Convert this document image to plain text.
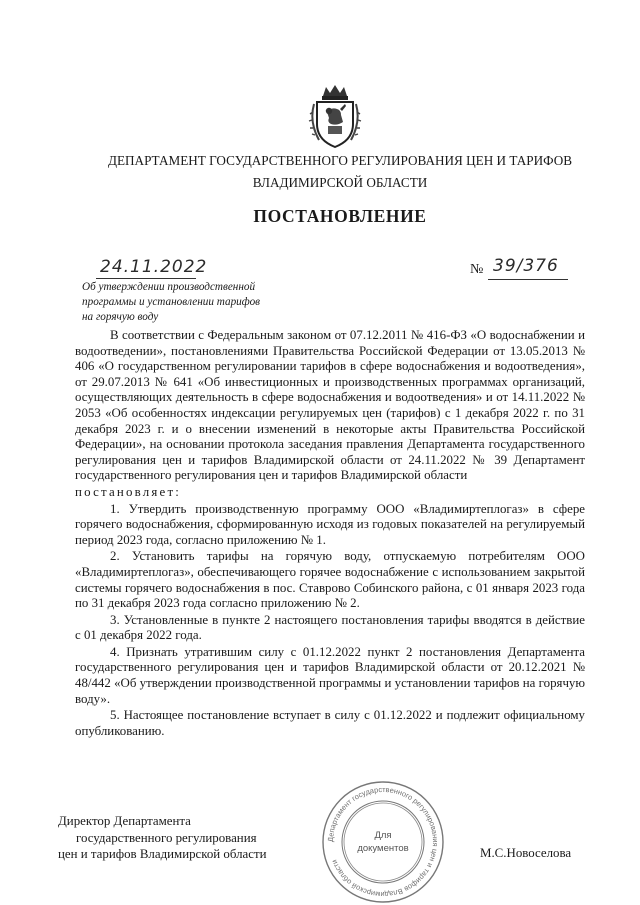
ДЕПАРТАМЕНТ ГОСУДАРСТВЕННОГО РЕГУЛИРОВАНИЯ ЦЕН И ТАРИФОВ
ВЛАДИМИРСКОЙ ОБЛАСТИ
ПОСТАНОВЛЕНИЕ
24.11.2022	№ 39/376
Об утверждении производственной
программы и установлении тарифов
на горячую воду

В соответствии с Федеральным законом от 07.12.2011 № 416-ФЗ «О водоснабжении и водоотведении», постановлениями Правительства Российской Федерации от 13.05.2013 № 406 «О государственном регулировании тарифов в сфере водоснабжения и водоотведения», от 29.07.2013 № 641 «Об инвестиционных и производственных программах организаций, осуществляющих деятельность в сфере водоснабжения и водоотведения» и от 14.11.2022 № 2053 «Об особенностях индексации регулируемых цен (тарифов) с 1 декабря 2022 г. по 31 декабря 2023 г. и о внесении изменений в некоторые акты Правительства Российской Федерации», на основании протокола заседания правления Департамента государственного регулирования цен и тарифов Владимирской области от 24.11.2022 № 39 Департамент государственного регулирования цен и тарифов Владимирской области

постановляет:

1. Утвердить производственную программу ООО «Владимиртеплогаз» в сфере горячего водоснабжения, сформированную исходя из годовых показателей на регулируемый период 2023 года, согласно приложению № 1.

2. Установить тарифы на горячую воду, отпускаемую потребителям ООО «Владимиртеплогаз», обеспечивающего горячее водоснабжение с использованием закрытой системы горячего водоснабжения в пос. Ставрово Собинского района, с 01 января 2023 года по 31 декабря 2023 года согласно приложению № 2.

3. Установленные в пункте 2 настоящего постановления тарифы вводятся в действие с 01 декабря 2022 года.

4. Признать утратившим силу с 01.12.2022 пункт 2 постановления Департамента государственного регулирования цен и тарифов Владимирской области от 20.12.2021 № 48/442 «Об утверждении производственной программы и установлении тарифов на горячую воду».

5. Настоящее постановление вступает в силу с 01.12.2022 и подлежит официальному опубликованию.

Директор Департамента
государственного регулирования
цен и тарифов Владимирской области	М.С.Новоселова
Департамент государственного регулирования цен и тарифов Владимирской области
Для
документов
